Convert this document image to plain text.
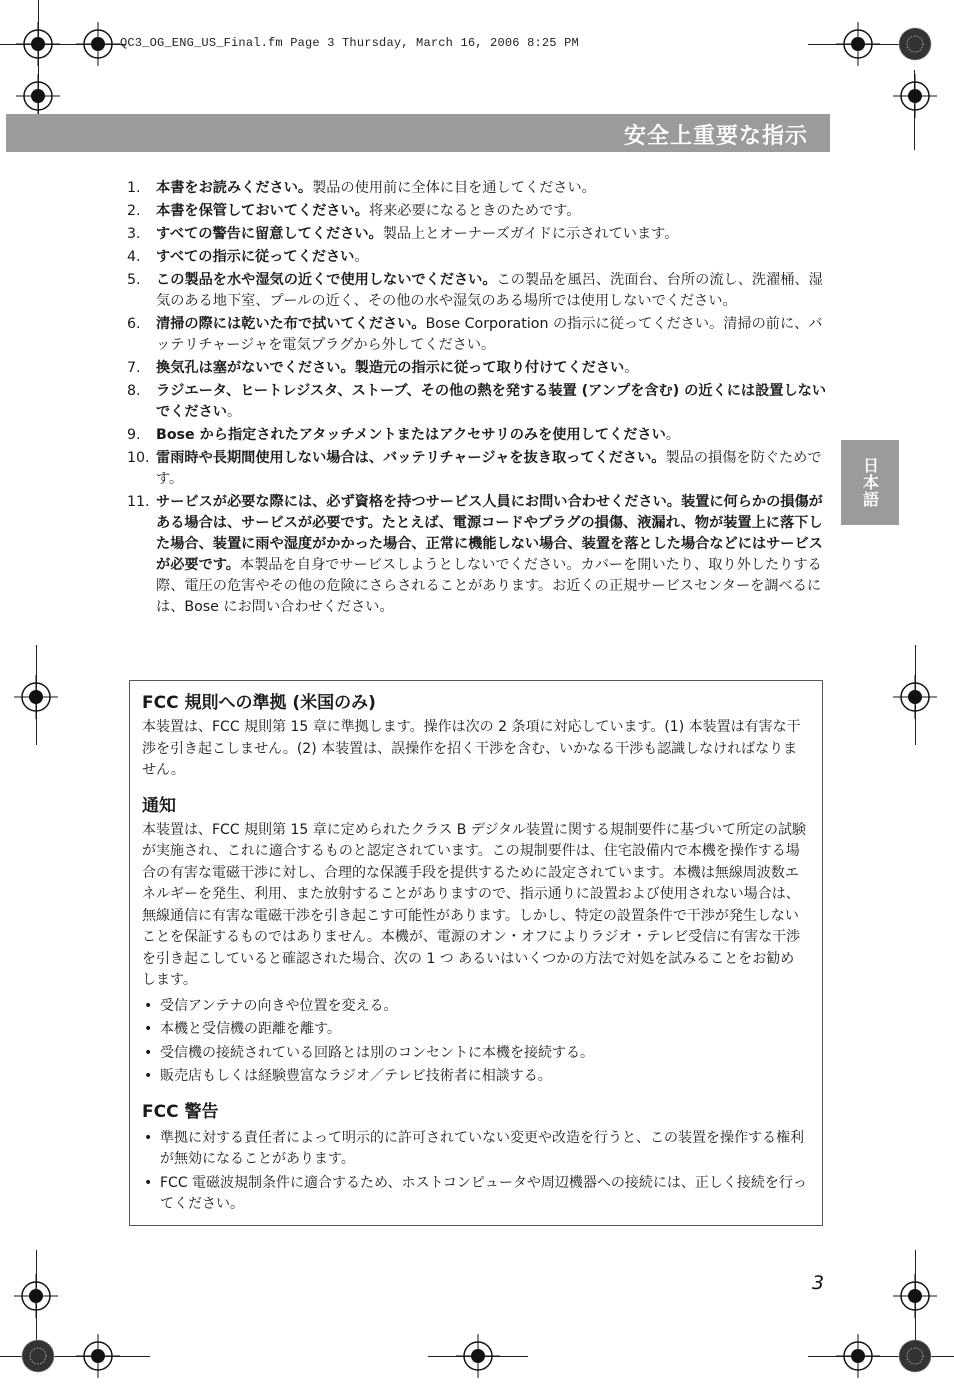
QC3_OG_ENG_US_Final.fm Page 3 Thursday, March 16, 2006 8:25 PM
安全上重要な指示
日本語
1. 本書をお読みください。製品の使用前に全体に目を通してください。
2. 本書を保管しておいてください。将来必要になるときのためです。
3. すべての警告に留意してください。製品上とオーナーズガイドに示されています。
4. すべての指示に従ってください。
5. この製品を水や湿気の近くで使用しないでください。この製品を風呂、洗面台、台所の流し、洗濯桶、湿気のある地下室、プールの近く、その他の水や湿気のある場所では使用しないでください。
6. 清掃の際には乾いた布で拭いてください。Bose Corporation の指示に従ってください。清掃の前に、バッテリチャージャを電気プラグから外してください。
7. 換気孔は塞がないでください。製造元の指示に従って取り付けてください。
8. ラジエータ、ヒートレジスタ、ストーブ、その他の熱を発する装置 (アンプを含む) の近くには設置しないでください。
9. Bose から指定されたアタッチメントまたはアクセサリのみを使用してください。
10. 雷雨時や長期間使用しない場合は、バッテリチャージャを抜き取ってください。製品の損傷を防ぐためです。
11. サービスが必要な際には、必ず資格を持つサービス人員にお問い合わせください。装置に何らかの損傷がある場合は、サービスが必要です。たとえば、電源コードやプラグの損傷、液漏れ、物が装置上に落下した場合、装置に雨や湿度がかかった場合、正常に機能しない場合、装置を落とした場合などにはサービスが必要です。本製品を自身でサービスしようとしないでください。カバーを開いたり、取り外したりする際、電圧の危害やその他の危険にさらされることがあります。お近くの正規サービスセンターを調べるには、Bose にお問い合わせください。
FCC 規則への準拠 (米国のみ)

本装置は、FCC 規則第 15 章に準拠します。操作は次の 2 条項に対応しています。(1) 本装置は有害な干渉を引き起こしません。(2) 本装置は、誤操作を招く干渉を含む、いかなる干渉も認識しなければなりません。

通知

本装置は、FCC 規則第 15 章に定められたクラス B デジタル装置に関する規制要件に基づいて所定の試験が実施され、これに適合するものと認定されています。この規制要件は、住宅設備内で本機を操作する場合の有害な電磁干渉に対し、合理的な保護手段を提供するために設定されています。本機は無線周波数エネルギーを発生、利用、また放射することがありますので、指示通りに設置および使用されない場合は、無線通信に有害な電磁干渉を引き起こす可能性があります。しかし、特定の設置条件で干渉が発生しないことを保証するものではありません。本機が、電源のオン・オフによりラジオ・テレビ受信に有害な干渉を引き起こしていると確認された場合、次の 1 つ あるいはいくつかの方法で対処を試みることをお勧めします。

• 受信アンテナの向きや位置を変える。
• 本機と受信機の距離を離す。
• 受信機の接続されている回路とは別のコンセントに本機を接続する。
• 販売店もしくは経験豊富なラジオ／テレビ技術者に相談する。
FCC 警告
• 準拠に対する責任者によって明示的に許可されていない変更や改造を行うと、この装置を操作する権利が無効になることがあります。
• FCC 電磁波規制条件に適合するため、ホストコンピュータや周辺機器への接続には、正しく接続を行ってください。
3
